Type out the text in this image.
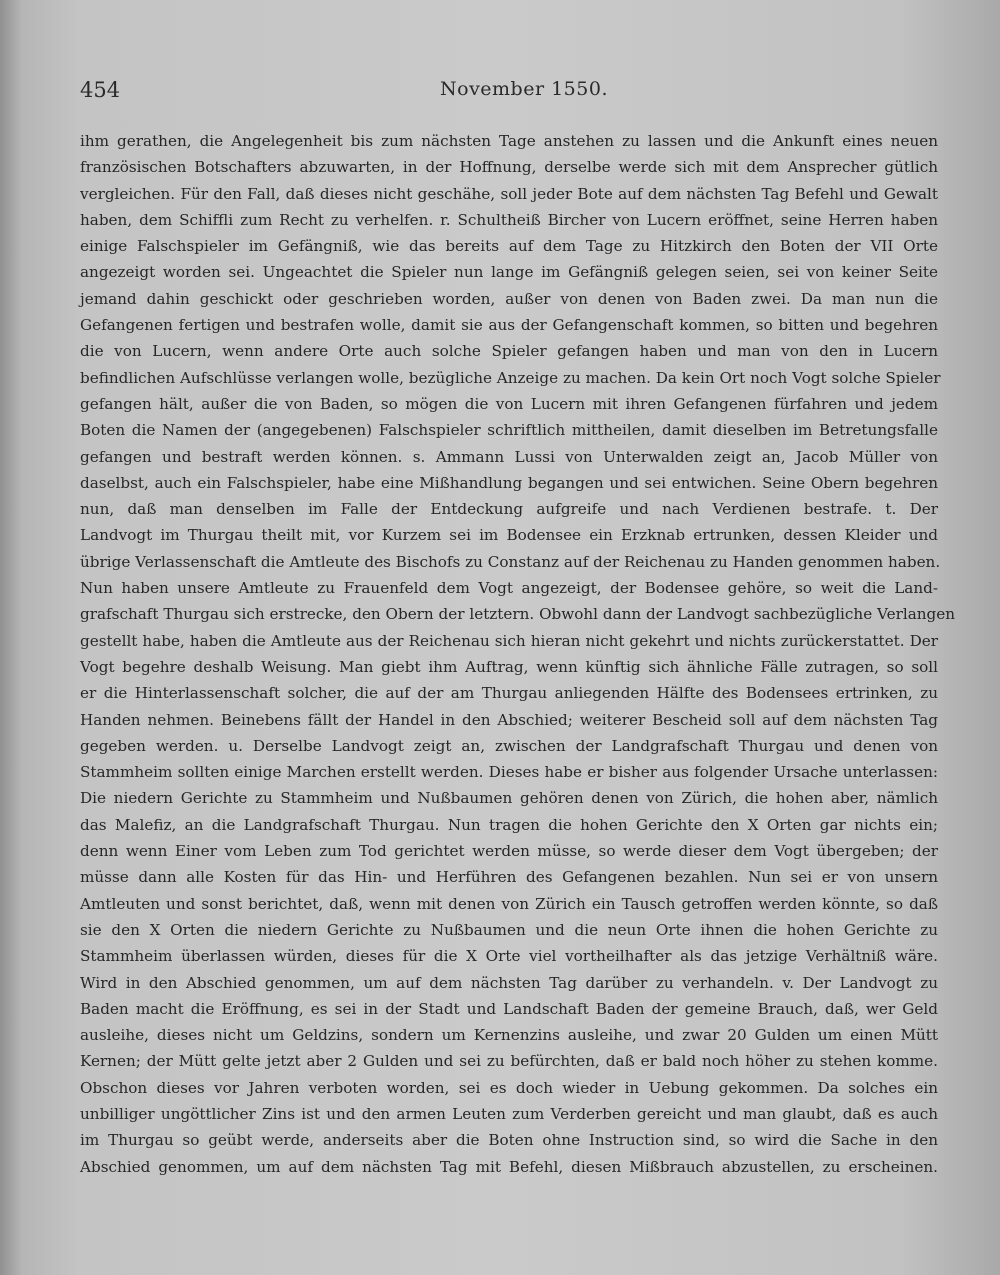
454	November 1550.
ihm gerathen, die Angelegenheit bis zum nächsten Tage anstehen zu lassen und die Ankunft eines neuen
französischen Botschafters abzuwarten, in der Hoffnung, derselbe werde sich mit dem Ansprecher gütlich
vergleichen. Für den Fall, daß dieses nicht geschähe, soll jeder Bote auf dem nächsten Tag Befehl und Gewalt
haben, dem Schiffli zum Recht zu verhelfen. r. Schultheiß Bircher von Lucern eröffnet, seine Herren haben
einige Falschspieler im Gefängniß, wie das bereits auf dem Tage zu Hitzkirch den Boten der VII Orte
angezeigt worden sei. Ungeachtet die Spieler nun lange im Gefängniß gelegen seien, sei von keiner Seite
jemand dahin geschickt oder geschrieben worden, außer von denen von Baden zwei. Da man nun die
Gefangenen fertigen und bestrafen wolle, damit sie aus der Gefangenschaft kommen, so bitten und begehren
die von Lucern, wenn andere Orte auch solche Spieler gefangen haben und man von den in Lucern
befindlichen Aufschlüsse verlangen wolle, bezügliche Anzeige zu machen. Da kein Ort noch Vogt solche Spieler
gefangen hält, außer die von Baden, so mögen die von Lucern mit ihren Gefangenen fürfahren und jedem
Boten die Namen der (angegebenen) Falschspieler schriftlich mittheilen, damit dieselben im Betretungsfalle
gefangen und bestraft werden können. s. Ammann Lussi von Unterwalden zeigt an, Jacob Müller von
daselbst, auch ein Falschspieler, habe eine Mißhandlung begangen und sei entwichen. Seine Obern begehren
nun, daß man denselben im Falle der Entdeckung aufgreife und nach Verdienen bestrafe. t. Der
Landvogt im Thurgau theilt mit, vor Kurzem sei im Bodensee ein Erzknab ertrunken, dessen Kleider und
übrige Verlassenschaft die Amtleute des Bischofs zu Constanz auf der Reichenau zu Handen genommen haben.
Nun haben unsere Amtleute zu Frauenfeld dem Vogt angezeigt, der Bodensee gehöre, so weit die Land-
grafschaft Thurgau sich erstrecke, den Obern der letztern. Obwohl dann der Landvogt sachbezügliche Verlangen
gestellt habe, haben die Amtleute aus der Reichenau sich hieran nicht gekehrt und nichts zurückerstattet. Der
Vogt begehre deshalb Weisung. Man giebt ihm Auftrag, wenn künftig sich ähnliche Fälle zutragen, so soll
er die Hinterlassenschaft solcher, die auf der am Thurgau anliegenden Hälfte des Bodensees ertrinken, zu
Handen nehmen. Beinebens fällt der Handel in den Abschied; weiterer Bescheid soll auf dem nächsten Tag
gegeben werden. u. Derselbe Landvogt zeigt an, zwischen der Landgrafschaft Thurgau und denen von
Stammheim sollten einige Marchen erstellt werden. Dieses habe er bisher aus folgender Ursache unterlassen:
Die niedern Gerichte zu Stammheim und Nußbaumen gehören denen von Zürich, die hohen aber, nämlich
das Malefiz, an die Landgrafschaft Thurgau. Nun tragen die hohen Gerichte den X Orten gar nichts ein;
denn wenn Einer vom Leben zum Tod gerichtet werden müsse, so werde dieser dem Vogt übergeben; der
müsse dann alle Kosten für das Hin- und Herführen des Gefangenen bezahlen. Nun sei er von unsern
Amtleuten und sonst berichtet, daß, wenn mit denen von Zürich ein Tausch getroffen werden könnte, so daß
sie den X Orten die niedern Gerichte zu Nußbaumen und die neun Orte ihnen die hohen Gerichte zu
Stammheim überlassen würden, dieses für die X Orte viel vortheilhafter als das jetzige Verhältniß wäre.
Wird in den Abschied genommen, um auf dem nächsten Tag darüber zu verhandeln. v. Der Landvogt zu
Baden macht die Eröffnung, es sei in der Stadt und Landschaft Baden der gemeine Brauch, daß, wer Geld
ausleihe, dieses nicht um Geldzins, sondern um Kernenzins ausleihe, und zwar 20 Gulden um einen Mütt
Kernen; der Mütt gelte jetzt aber 2 Gulden und sei zu befürchten, daß er bald noch höher zu stehen komme.
Obschon dieses vor Jahren verboten worden, sei es doch wieder in Uebung gekommen. Da solches ein
unbilliger ungöttlicher Zins ist und den armen Leuten zum Verderben gereicht und man glaubt, daß es auch
im Thurgau so geübt werde, anderseits aber die Boten ohne Instruction sind, so wird die Sache in den
Abschied genommen, um auf dem nächsten Tag mit Befehl, diesen Mißbrauch abzustellen, zu erscheinen.
